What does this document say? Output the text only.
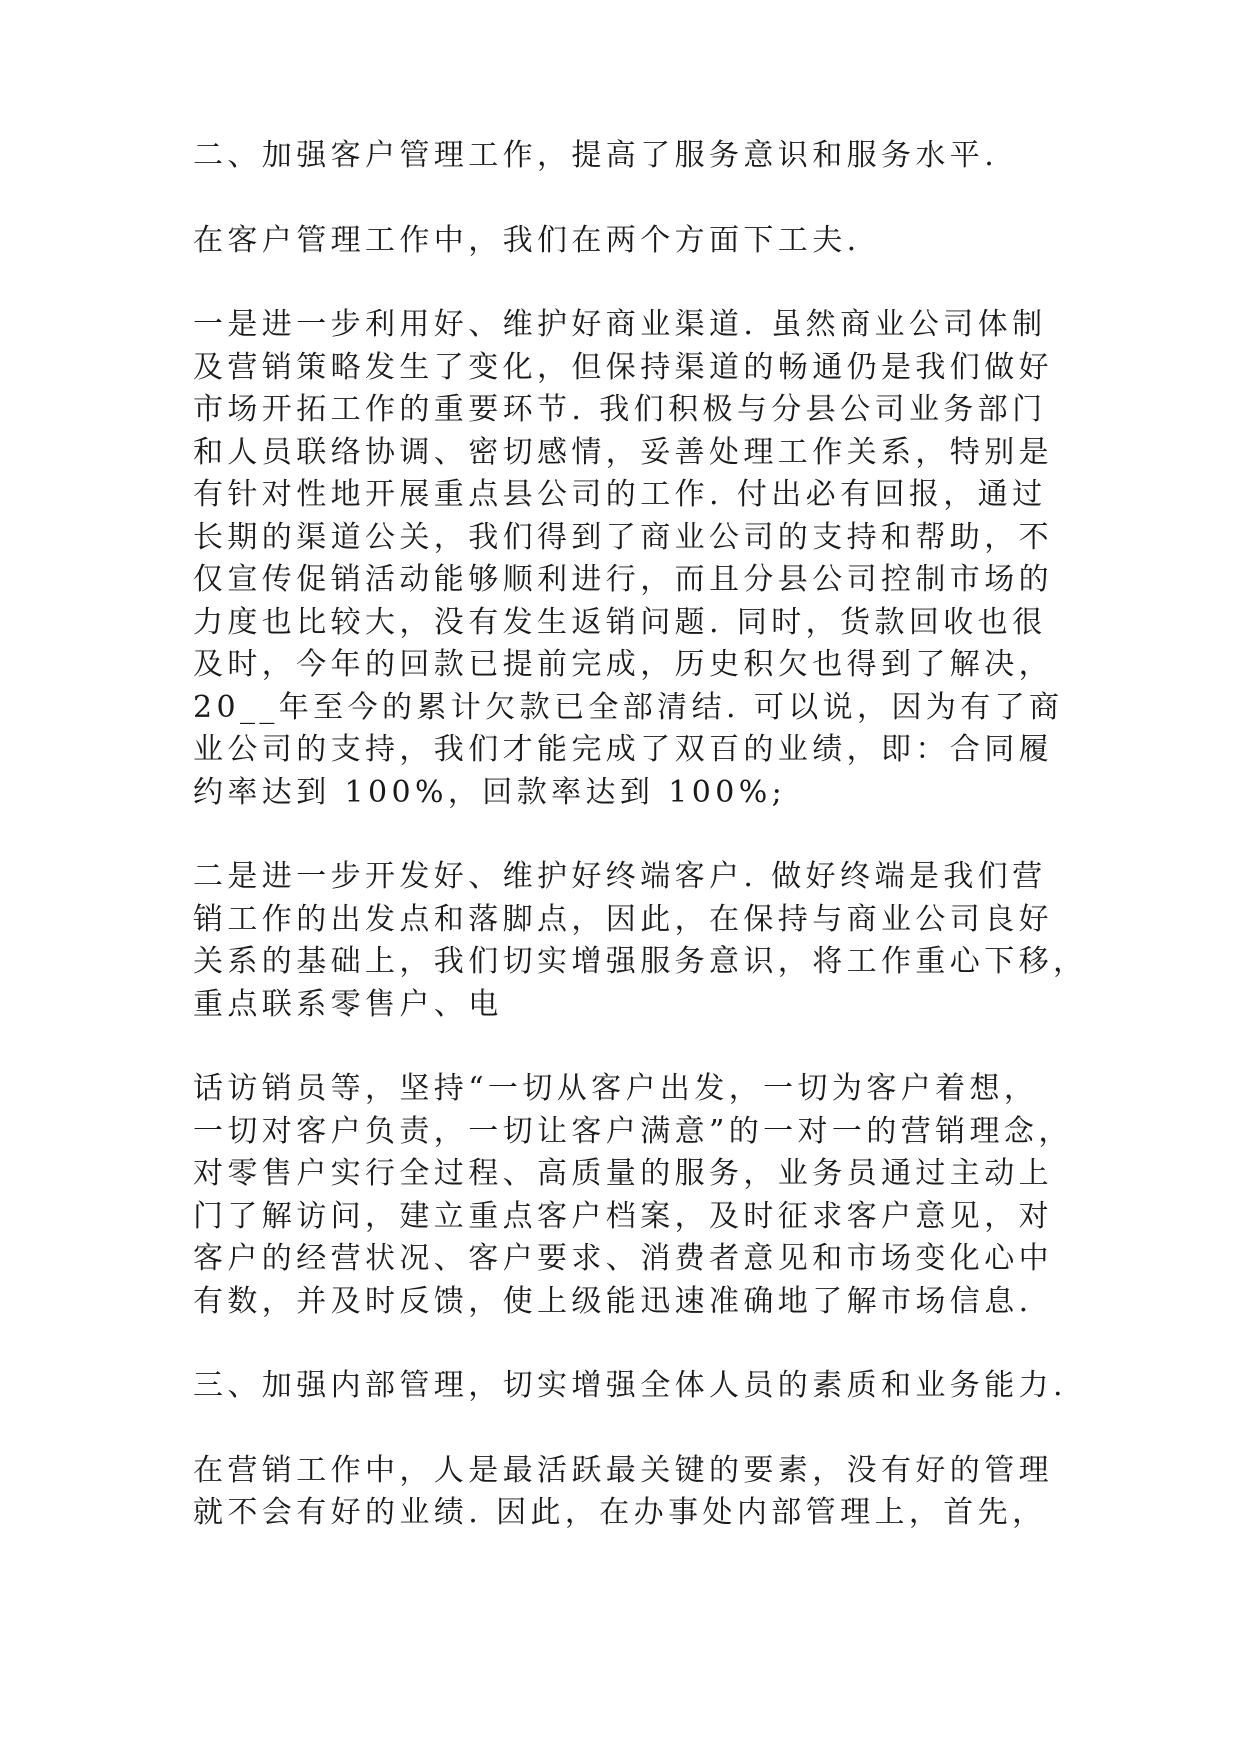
二、加强客户管理工作，提高了服务意识和服务水平.
在客户管理工作中，我们在两个方面下工夫.
一是进一步利用好、维护好商业渠道. 虽然商业公司体制
及营销策略发生了变化，但保持渠道的畅通仍是我们做好
市场开拓工作的重要环节. 我们积极与分县公司业务部门
和人员联络协调、密切感情，妥善处理工作关系，特别是
有针对性地开展重点县公司的工作. 付出必有回报，通过
长期的渠道公关，我们得到了商业公司的支持和帮助，不
仅宣传促销活动能够顺利进行，而且分县公司控制市场的
力度也比较大，没有发生返销问题. 同时，货款回收也很
及时，今年的回款已提前完成，历史积欠也得到了解决，
20__年至今的累计欠款已全部清结. 可以说，因为有了商
业公司的支持，我们才能完成了双百的业绩，即：合同履
约率达到 100%，回款率达到 100%;
二是进一步开发好、维护好终端客户. 做好终端是我们营
销工作的出发点和落脚点，因此，在保持与商业公司良好
关系的基础上，我们切实增强服务意识，将工作重心下移，
重点联系零售户、电
话访销员等，坚持“一切从客户出发，一切为客户着想，
一切对客户负责，一切让客户满意”的一对一的营销理念，
对零售户实行全过程、高质量的服务，业务员通过主动上
门了解访问，建立重点客户档案，及时征求客户意见，对
客户的经营状况、客户要求、消费者意见和市场变化心中
有数，并及时反馈，使上级能迅速准确地了解市场信息.
三、加强内部管理，切实增强全体人员的素质和业务能力.
在营销工作中，人是最活跃最关键的要素，没有好的管理
就不会有好的业绩. 因此，在办事处内部管理上，首先，
